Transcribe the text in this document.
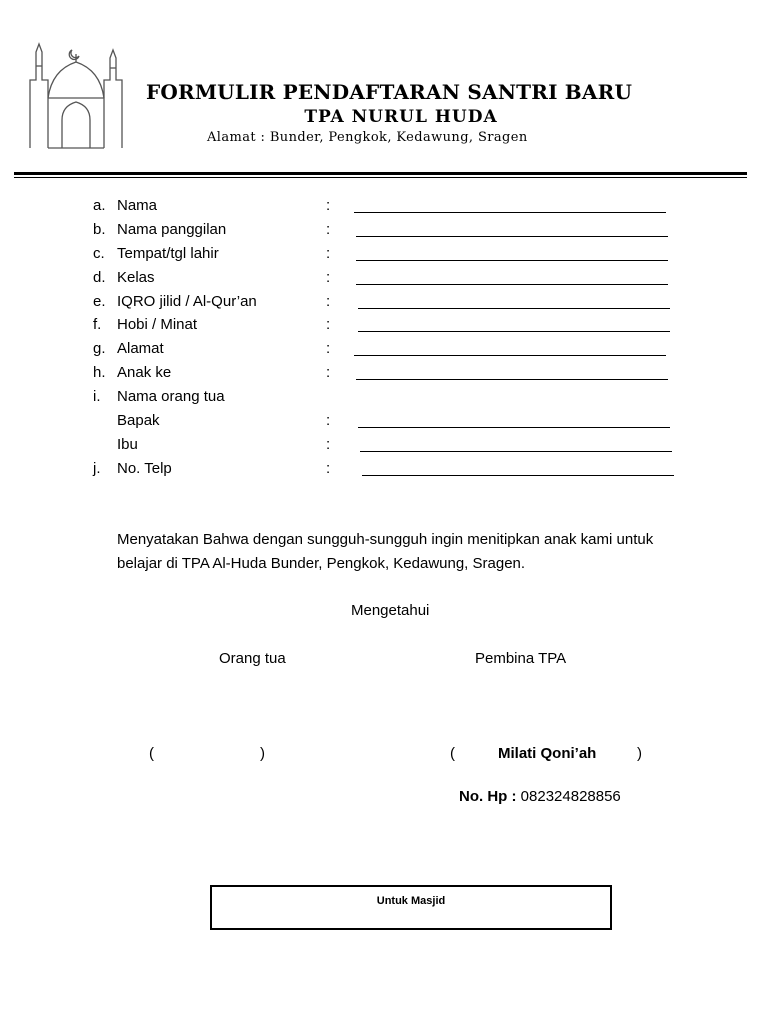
FORMULIR PENDAFTARAN SANTRI BARU
TPA NURUL HUDA
Alamat : Bunder, Pengkok, Kedawung, Sragen
a. Nama	:
b. Nama panggilan	:
c. Tempat/tgl lahir	:
d. Kelas	:
e. IQRO jilid / Al-Qur’an	:
f. Hobi / Minat	:
g. Alamat	:
h. Anak ke	:
i. Nama orang tua
Bapak	:
Ibu	:
j. No. Telp	:
Menyatakan Bahwa dengan sungguh-sungguh ingin menitipkan anak kami untuk belajar di TPA Al-Huda Bunder, Pengkok, Kedawung, Sragen.
Mengetahui
Orang tua	Pembina TPA
(	)	(	Milati Qoni’ah	)
No. Hp : 082324828856
Untuk Masjid
